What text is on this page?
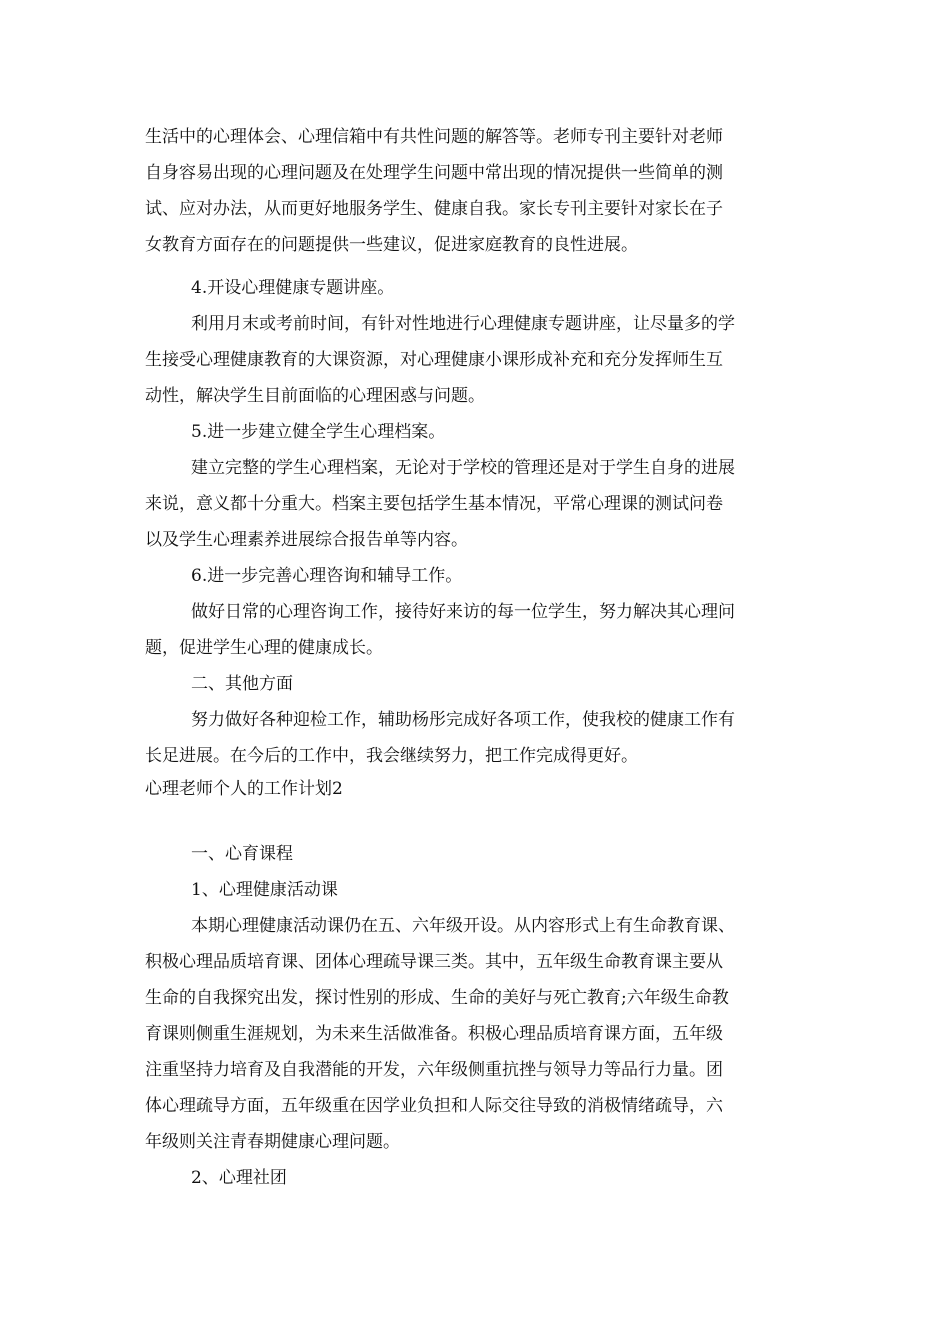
生活中的心理体会、心理信箱中有共性问题的解答等。老师专刊主要针对老师
自身容易出现的心理问题及在处理学生问题中常出现的情况提供一些简单的测
试、应对办法，从而更好地服务学生、健康自我。家长专刊主要针对家长在子
女教育方面存在的问题提供一些建议，促进家庭教育的良性进展。
4.开设心理健康专题讲座。
利用月末或考前时间，有针对性地进行心理健康专题讲座，让尽量多的学
生接受心理健康教育的大课资源，对心理健康小课形成补充和充分发挥师生互
动性，解决学生目前面临的心理困惑与问题。
5.进一步建立健全学生心理档案。
建立完整的学生心理档案，无论对于学校的管理还是对于学生自身的进展
来说，意义都十分重大。档案主要包括学生基本情况，平常心理课的测试问卷
以及学生心理素养进展综合报告单等内容。
6.进一步完善心理咨询和辅导工作。
做好日常的心理咨询工作，接待好来访的每一位学生，努力解决其心理问
题，促进学生心理的健康成长。
二、其他方面
努力做好各种迎检工作，辅助杨彤完成好各项工作，使我校的健康工作有
长足进展。在今后的工作中，我会继续努力，把工作完成得更好。
心理老师个人的工作计划2
一、心育课程
1、心理健康活动课
本期心理健康活动课仍在五、六年级开设。从内容形式上有生命教育课、
积极心理品质培育课、团体心理疏导课三类。其中，五年级生命教育课主要从
生命的自我探究出发，探讨性别的形成、生命的美好与死亡教育;六年级生命教
育课则侧重生涯规划，为未来生活做准备。积极心理品质培育课方面，五年级
注重坚持力培育及自我潜能的开发，六年级侧重抗挫与领导力等品行力量。团
体心理疏导方面，五年级重在因学业负担和人际交往导致的消极情绪疏导，六
年级则关注青春期健康心理问题。
2、心理社团
